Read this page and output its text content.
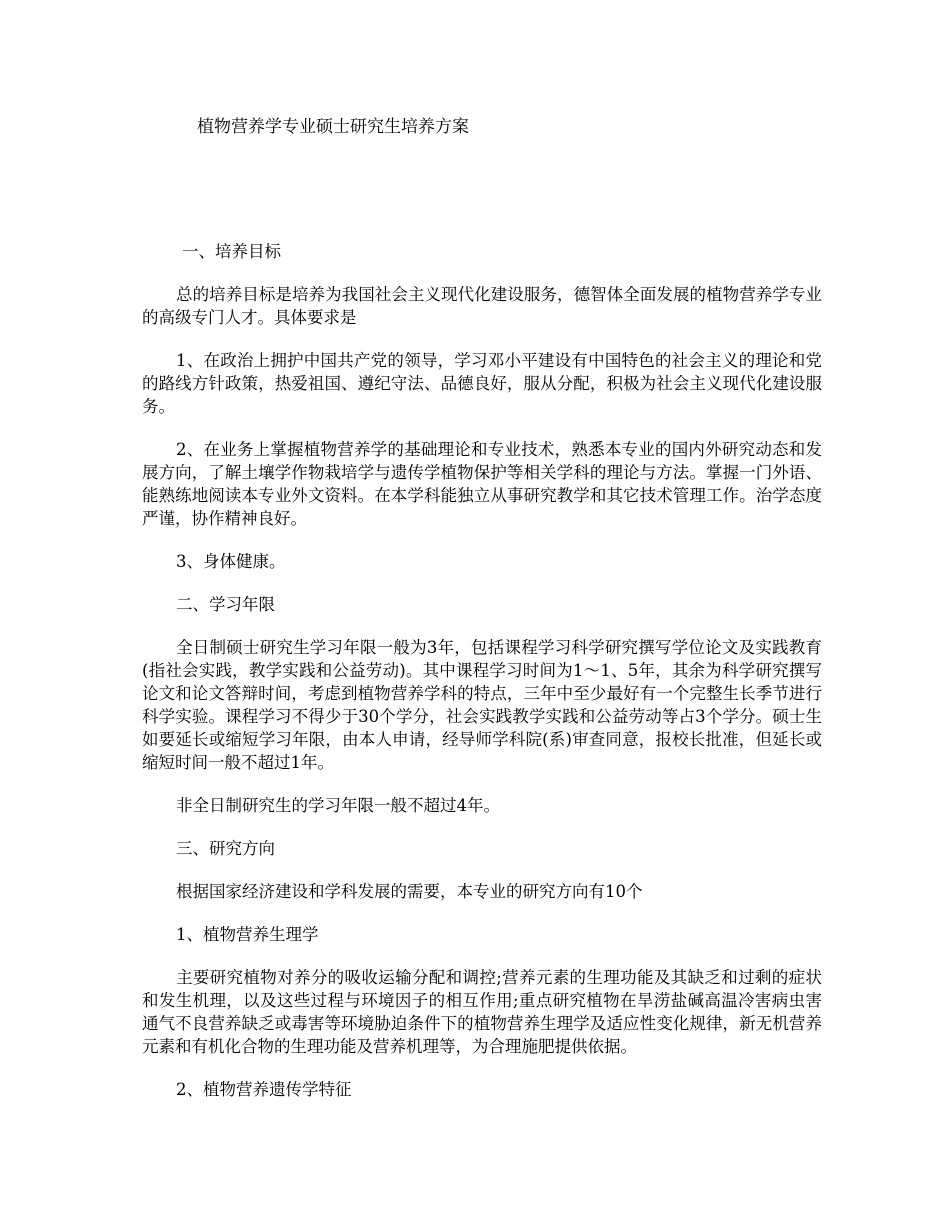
植物营养学专业硕士研究生培养方案

一、培养目标

总的培养目标是培养为我国社会主义现代化建设服务，德智体全面发展的植物营养学专业的高级专门人才。具体要求是

1、在政治上拥护中国共产党的领导，学习邓小平建设有中国特色的社会主义的理论和党的路线方针政策，热爱祖国、遵纪守法、品德良好，服从分配，积极为社会主义现代化建设服务。

2、在业务上掌握植物营养学的基础理论和专业技术，熟悉本专业的国内外研究动态和发展方向，了解土壤学作物栽培学与遗传学植物保护等相关学科的理论与方法。掌握一门外语、能熟练地阅读本专业外文资料。在本学科能独立从事研究教学和其它技术管理工作。治学态度严谨，协作精神良好。

3、身体健康。

二、学习年限

全日制硕士研究生学习年限一般为3年，包括课程学习科学研究撰写学位论文及实践教育(指社会实践，教学实践和公益劳动)。其中课程学习时间为1～1、5年，其余为科学研究撰写论文和论文答辩时间，考虑到植物营养学科的特点，三年中至少最好有一个完整生长季节进行科学实验。课程学习不得少于30个学分，社会实践教学实践和公益劳动等占3个学分。硕士生如要延长或缩短学习年限，由本人申请，经导师学科院(系)审查同意，报校长批准，但延长或缩短时间一般不超过1年。

非全日制研究生的学习年限一般不超过4年。

三、研究方向

根据国家经济建设和学科发展的需要，本专业的研究方向有10个

1、植物营养生理学

主要研究植物对养分的吸收运输分配和调控;营养元素的生理功能及其缺乏和过剩的症状和发生机理，以及这些过程与环境因子的相互作用;重点研究植物在旱涝盐碱高温冷害病虫害通气不良营养缺乏或毒害等环境胁迫条件下的植物营养生理学及适应性变化规律，新无机营养元素和有机化合物的生理功能及营养机理等，为合理施肥提供依据。

2、植物营养遗传学特征
